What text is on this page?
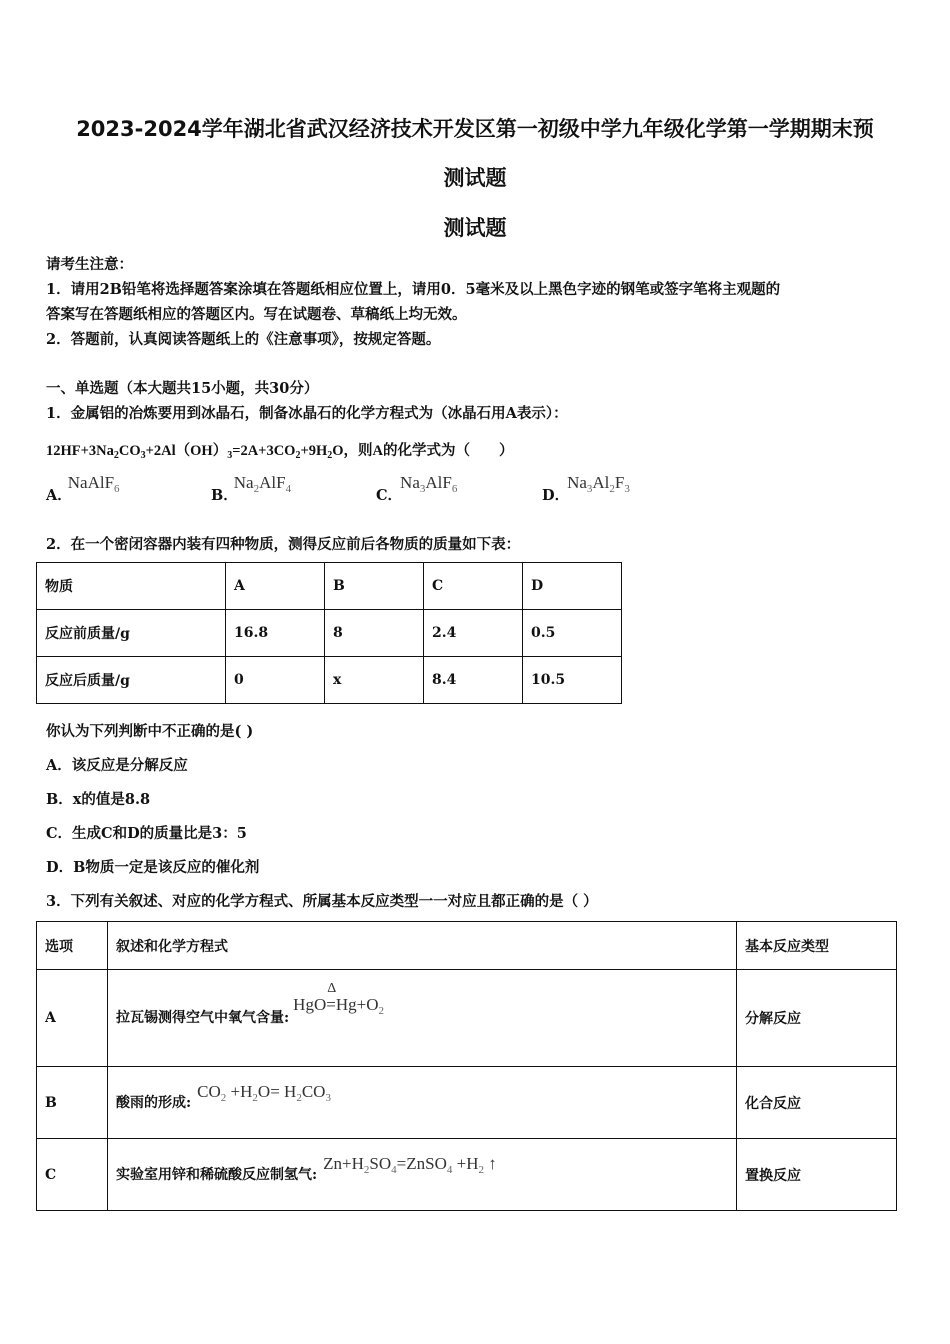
2023-2024学年湖北省武汉经济技术开发区第一初级中学九年级化学第一学期期末预
测试题
测试题
请考生注意：
1．请用2B铅笔将选择题答案涂填在答题纸相应位置上，请用0．5毫米及以上黑色字迹的钢笔或签字笔将主观题的
答案写在答题纸相应的答题区内。写在试题卷、草稿纸上均无效。
2．答题前，认真阅读答题纸上的《注意事项》，按规定答题。
一、单选题（本大题共15小题，共30分）
1．金属铝的冶炼要用到冰晶石，制备冰晶石的化学方程式为（冰晶石用A表示）：
$12HF+3Na_2CO_3+2Al(OH)_3=2A+3CO_2+9H_2O$，则A的化学式为（　　）
A．NaAlF$_6$	B．$Na_2AlF_4$	C．$Na_3AlF_6$	D．$Na_3Al_2F_3$
2．在一个密闭容器内装有四种物质，测得反应前后各物质的质量如下表：
物质	A	B	C	D
反应前质量/g	16.8	8	2.4	0.5
反应后质量/g	0	x	8.4	10.5
你认为下列判断中不正确的是( )
A．该反应是分解反应
B．x的值是8.8
C．生成C和D的质量比是3：5
D．B物质一定是该反应的催化剂
3．下列有关叙述、对应的化学方程式、所属基本反应类型一一对应且都正确的是（ ）
选项	叙述和化学方程式	基本反应类型
A	拉瓦锡测得空气中氧气含量:HgO=
Δ
$Hg+O_2$	分解反应
B	酸雨的形成$:CO_2 +H_2O= H_2CO_3$	化合反应
C	实验室用锌和稀硫酸反应制氢气$:Zn+H_2SO_4=ZnSO_4 +H_2$ ↑	置换反应
